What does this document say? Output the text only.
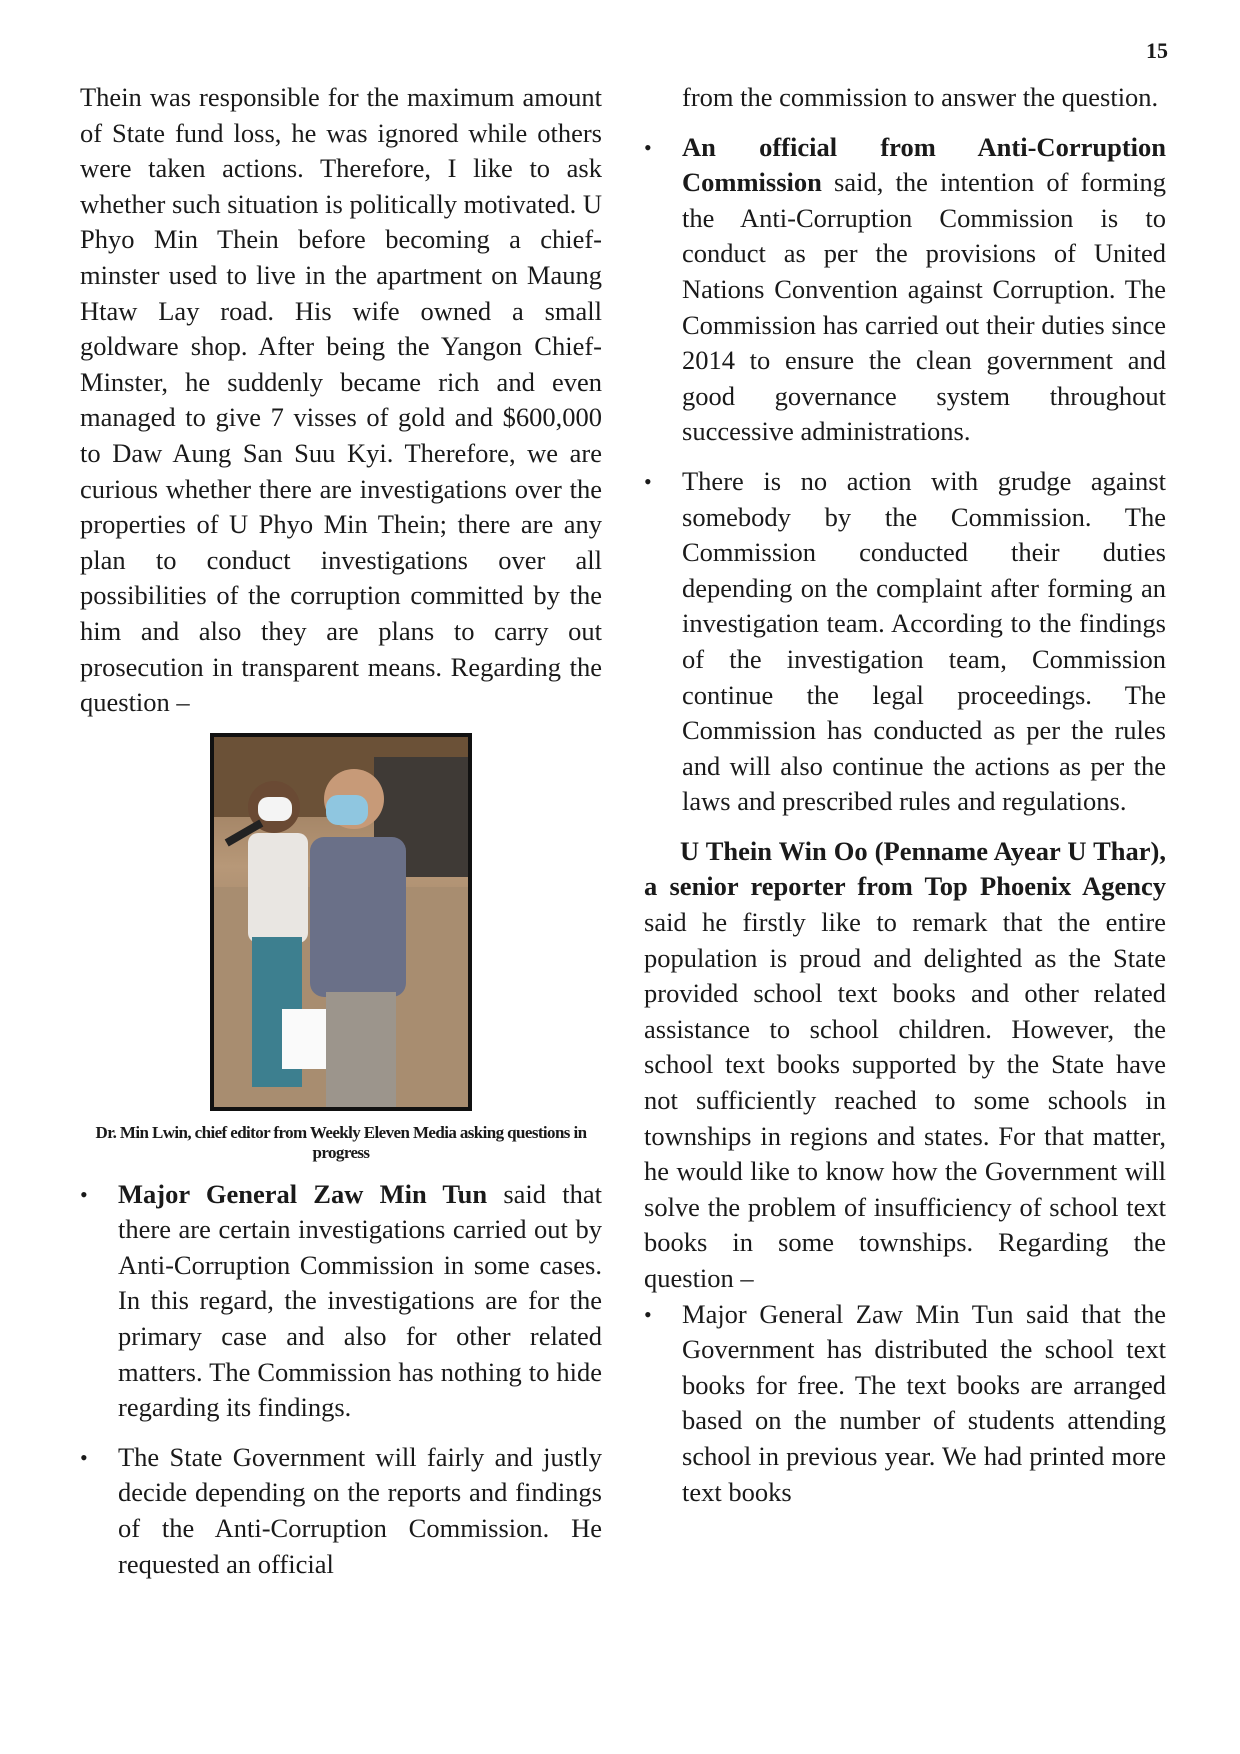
15

Thein was responsible for the maximum amount of State fund loss, he was ignored while others were taken actions. Therefore, I like to ask whether such situation is politically motivated. U Phyo Min Thein before becoming a chief-minster used to live in the apartment on Maung Htaw Lay road. His wife owned a small goldware shop. After being the Yangon Chief-Minster, he suddenly became rich and even managed to give 7 visses of gold and $600,000 to Daw Aung San Suu Kyi. Therefore, we are curious whether there are investigations over the properties of U Phyo Min Thein; there are any plan to conduct investigations over all possibilities of the corruption committed by the him and also they are plans to carry out prosecution in transparent means. Regarding the question –

Dr. Min Lwin, chief editor from Weekly Eleven Media asking questions in progress
• Major General Zaw Min Tun said that there are certain investigations carried out by Anti-Corruption Commission in some cases. In this regard, the investigations are for the primary case and also for other related matters. The Commission has nothing to hide regarding its findings.
• The State Government will fairly and justly decide depending on the reports and findings of the Anti-Corruption Commission. He requested an official
from the commission to answer the question.
• An official from Anti-Corruption Commission said, the intention of forming the Anti-Corruption Commission is to conduct as per the provisions of United Nations Convention against Corruption. The Commission has carried out their duties since 2014 to ensure the clean government and good governance system throughout successive administrations.
• There is no action with grudge against somebody by the Commission. The Commission conducted their duties depending on the complaint after forming an investigation team. According to the findings of the investigation team, Commission continue the legal proceedings. The Commission has conducted as per the rules and will also continue the actions as per the laws and prescribed rules and regulations.

U Thein Win Oo (Penname Ayear U Thar), a senior reporter from Top Phoenix Agency said he firstly like to remark that the entire population is proud and delighted as the State provided school text books and other related assistance to school children. However, the school text books supported by the State have not sufficiently reached to some schools in townships in regions and states. For that matter, he would like to know how the Government will solve the problem of insufficiency of school text books in some townships. Regarding the question –

• Major General Zaw Min Tun said that the Government has distributed the school text books for free. The text books are arranged based on the number of students attending school in previous year. We had printed more text books
